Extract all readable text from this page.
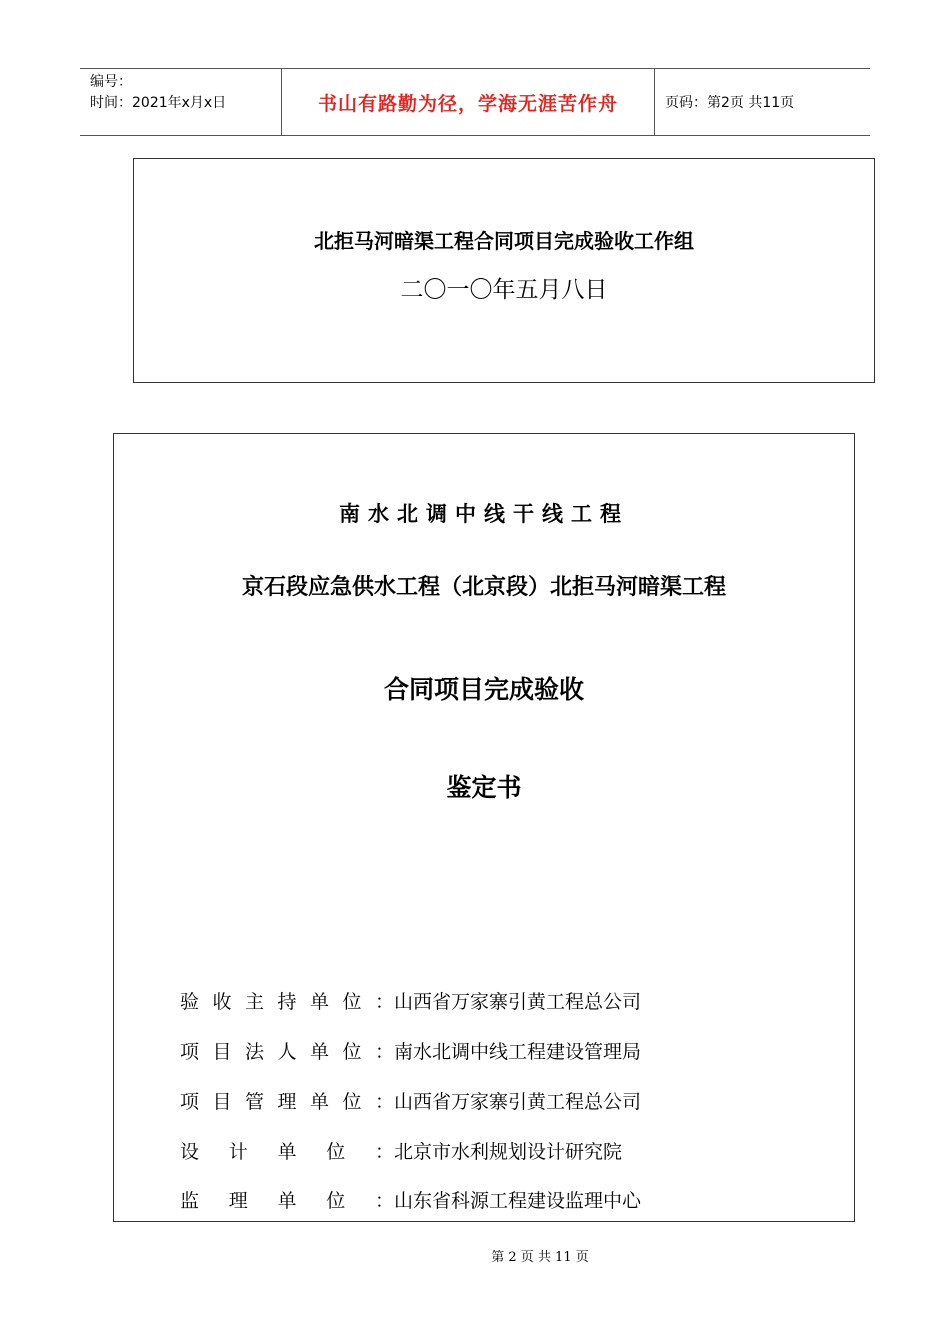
编号：
时间：2021年x月x日	书山有路勤为径，学海无涯苦作舟	页码：第2页 共11页
北拒马河暗渠工程合同项目完成验收工作组
二〇一〇年五月八日
南水北调中线干线工程
京石段应急供水工程（北京段）北拒马河暗渠工程
合同项目完成验收
鉴定书
验收主持单位：山西省万家寨引黄工程总公司
项目法人单位：南水北调中线工程建设管理局
项目管理单位：山西省万家寨引黄工程总公司
设计单位：北京市水利规划设计研究院
监理单位：山东省科源工程建设监理中心
第 2 页 共 11 页
